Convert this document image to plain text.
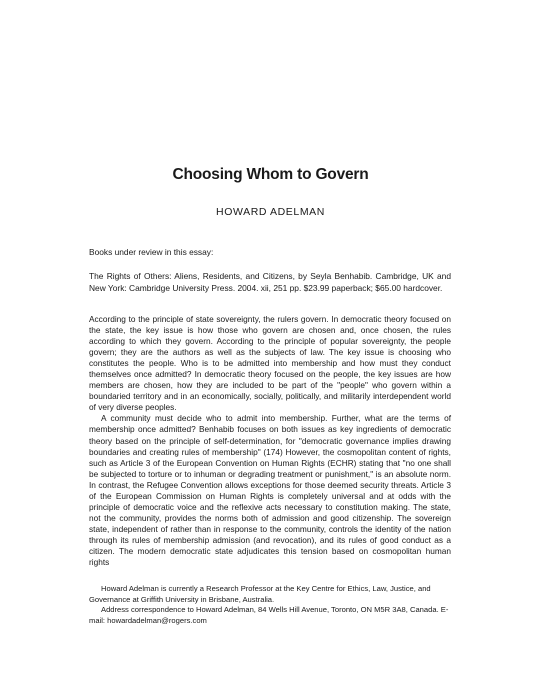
Choosing Whom to Govern
HOWARD ADELMAN
Books under review in this essay:

The Rights of Others: Aliens, Residents, and Citizens, by Seyla Benhabib. Cambridge, UK and New York: Cambridge University Press. 2004. xii, 251 pp. $23.99 paperback; $65.00 hardcover.

According to the principle of state sovereignty, the rulers govern. In democratic theory focused on the state, the key issue is how those who govern are chosen and, once chosen, the rules according to which they govern. According to the principle of popular sovereignty, the people govern; they are the authors as well as the subjects of law. The key issue is choosing who constitutes the people. Who is to be admitted into membership and how must they conduct themselves once admitted? In democratic theory focused on the people, the key issues are how members are chosen, how they are included to be part of the "people" who govern within a boundaried territory and in an economically, socially, politically, and militarily interdependent world of very diverse peoples.

A community must decide who to admit into membership. Further, what are the terms of membership once admitted? Benhabib focuses on both issues as key ingredients of democratic theory based on the principle of self-determination, for "democratic governance implies drawing boundaries and creating rules of membership" (174) However, the cosmopolitan content of rights, such as Article 3 of the European Convention on Human Rights (ECHR) stating that "no one shall be subjected to torture or to inhuman or degrading treatment or punishment," is an absolute norm. In contrast, the Refugee Convention allows exceptions for those deemed security threats. Article 3 of the European Commission on Human Rights is completely universal and at odds with the principle of democratic voice and the reflexive acts necessary to constitution making. The state, not the community, provides the norms both of admission and good citizenship. The sovereign state, independent of rather than in response to the community, controls the identity of the nation through its rules of membership admission (and revocation), and its rules of good conduct as a citizen. The modern democratic state adjudicates this tension based on cosmopolitan human rights

Howard Adelman is currently a Research Professor at the Key Centre for Ethics, Law, Justice, and Governance at Griffith University in Brisbane, Australia.

Address correspondence to Howard Adelman, 84 Wells Hill Avenue, Toronto, ON M5R 3A8, Canada. E-mail: howardadelman@rogers.com
